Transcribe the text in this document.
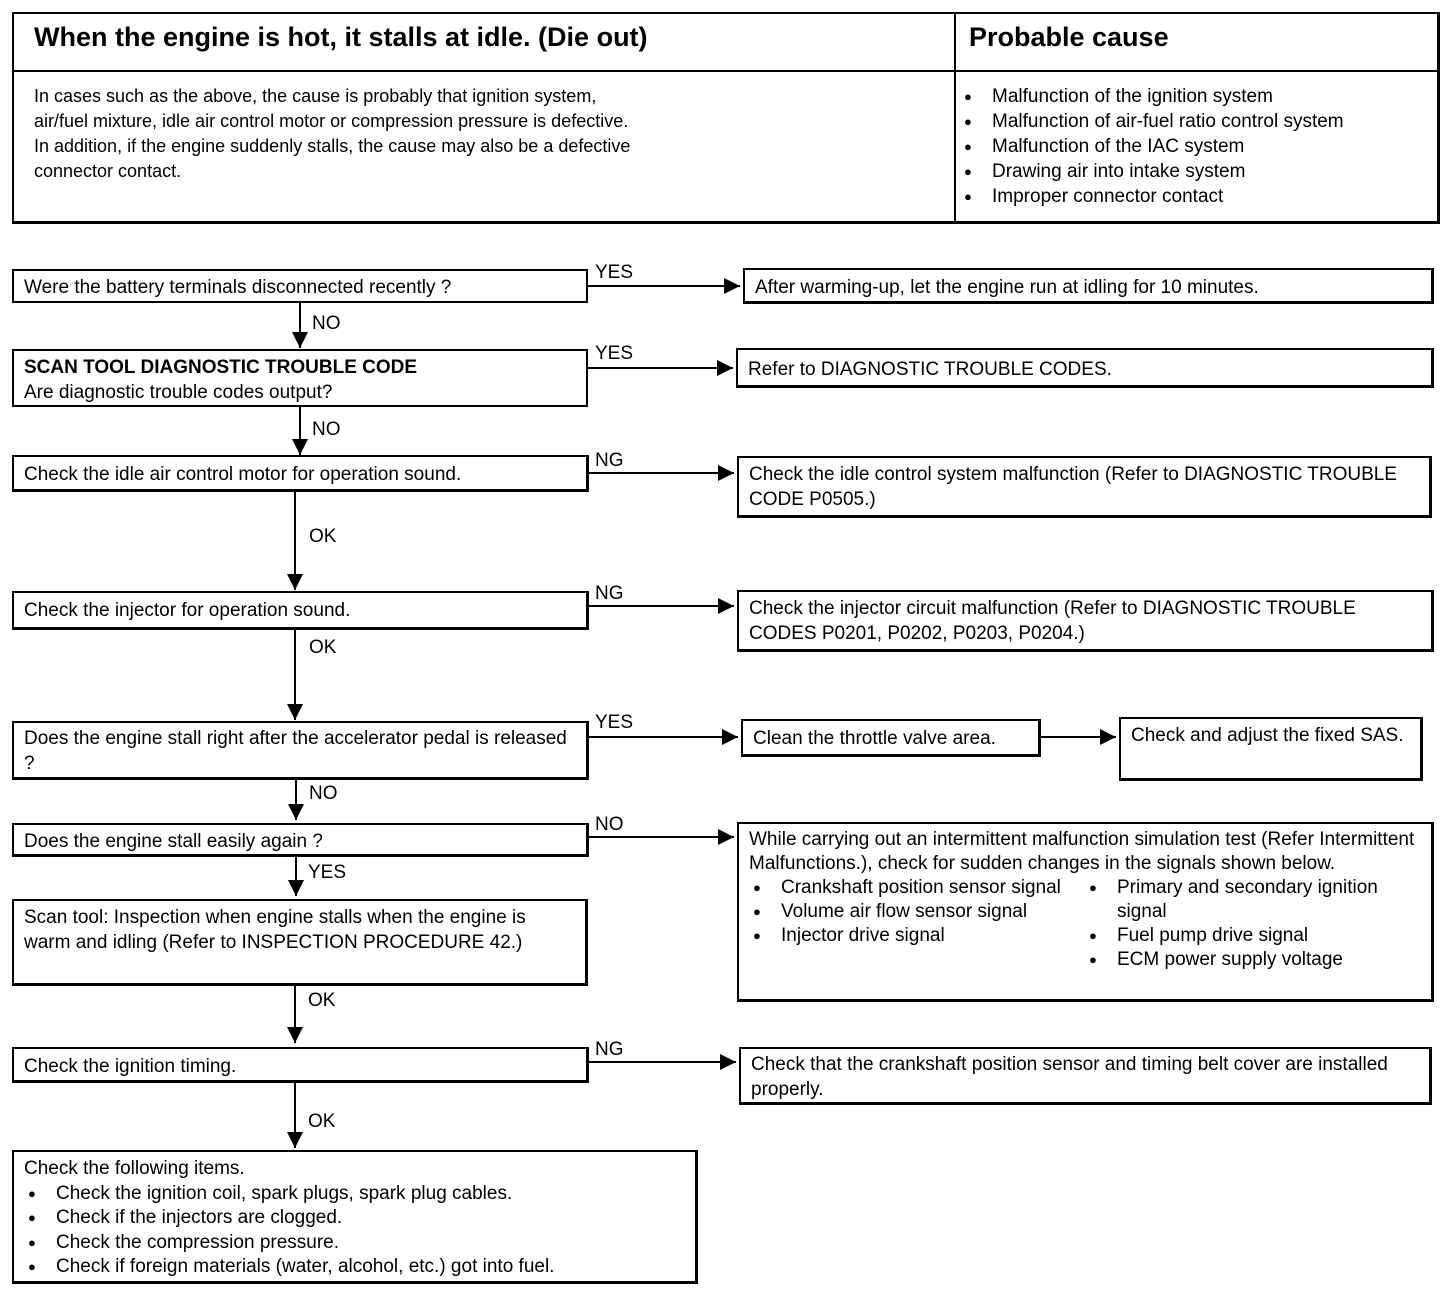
When the engine is hot, it stalls at idle. (Die out)	Probable cause
In cases such as the above, the cause is probably that ignition system,
air/fuel mixture, idle air control motor or compression pressure is defective.
In addition, if the engine suddenly stalls, the cause may also be a defective
connector contact.
● Malfunction of the ignition system
● Malfunction of air-fuel ratio control system
● Malfunction of the IAC system
● Drawing air into intake system
● Improper connector contact
Were the battery terminals disconnected recently ?	After warming-up, let the engine run at idling for 10 minutes.
SCAN TOOL DIAGNOSTIC TROUBLE CODE
Are diagnostic trouble codes output?
Refer to DIAGNOSTIC TROUBLE CODES.
Check the idle air control motor for operation sound.	Check the idle control system malfunction (Refer to DIAGNOSTIC TROUBLE CODE P0505.)
Check the injector for operation sound.	Check the injector circuit malfunction (Refer to DIAGNOSTIC TROUBLE CODES P0201, P0202, P0203, P0204.)
Does the engine stall right after the accelerator pedal is released ?
Clean the throttle valve area.	Check and adjust the fixed SAS.
Does the engine stall easily again ?	While carrying out an intermittent malfunction simulation test (Refer Intermittent Malfunctions.), check for sudden changes in the signals shown below.
● Crankshaft position sensor signal
● Volume air flow sensor signal
● Injector drive signal
● Primary and secondary ignition signal
● Fuel pump drive signal
● ECM power supply voltage
Scan tool: Inspection when engine stalls when the engine is warm and idling (Refer to INSPECTION PROCEDURE 42.)
Check the ignition timing.	Check that the crankshaft position sensor and timing belt cover are installed properly.
Check the following items.
● Check the ignition coil, spark plugs, spark plug cables.
● Check if the injectors are clogged.
● Check the compression pressure.
● Check if foreign materials (water, alcohol, etc.) got into fuel.
YES
NO
YES
NO
NG
OK
NG
OK
YES
NO
NO
YES
OK
NG
OK
